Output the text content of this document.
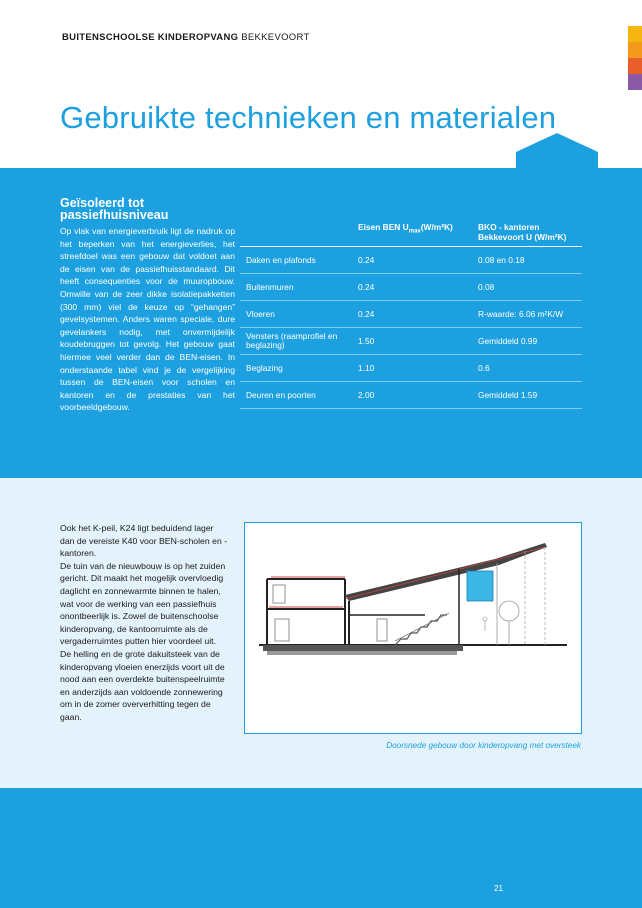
BUITENSCHOOLSE KINDEROPVANG BEKKEVOORT
Gebruikte technieken en materialen
Geïsoleerd tot passiefhuisniveau
Op vlak van energieverbruik ligt de nadruk op het beperken van het energieverlies, het streefdoel was een gebouw dat voldoet aan de eisen van de passiefhuisstandaard. Dit heeft consequenties voor de muuropbouw. Omwille van de zeer dikke isolatiepakketten (300 mm) viel de keuze op “gehangen” gevelsystemen. Anders waren speciale, dure gevelankers nodig, met onvermijdelijk koudebruggen tot gevolg. Het gebouw gaat hiermee veel verder dan de BEN-eisen. In onderstaande tabel vind je de vergelijking tussen de BEN-eisen voor scholen en kantoren en de prestaties van het voorbeeldgebouw.
	Eisen BEN $U_{max}(W/m^2K)$	BKO - kantoren Bekkevoort U (W/m²K)
Daken en plafonds	0.24	0.08 en 0.18
Buitenmuren	0.24	0.08
Vloeren	0.24	R-waarde: 6.06 m²K/W
Vensters (raamprofiel en beglazing)	1.50	Gemiddeld 0.99
Beglazing	1.10	0.6
Deuren en poorten	2.00	Gemiddeld 1.59

Ook het K-peil, K24 ligt beduidend lager dan de vereiste K40 voor BEN-scholen en -kantoren.

De tuin van de nieuwbouw is op het zuiden gericht. Dit maakt het mogelijk overvloedig daglicht en zonnewarmte binnen te halen, wat voor de werking van een passiefhuis onontbeerlijk is. Zowel de buitenschoolse kinderopvang, de kantoorruimte als de vergaderruimtes putten hier voordeel uit. De helling en de grote dakuitsteek van de kinderopvang vloeien enerzijds voort uit de nood aan een overdekte buitenspeelruimte en anderzijds aan voldoende zonnewering om in de zomer oververhitting tegen de gaan.

Doorsnede gebouw door kinderopvang met oversteek
21
